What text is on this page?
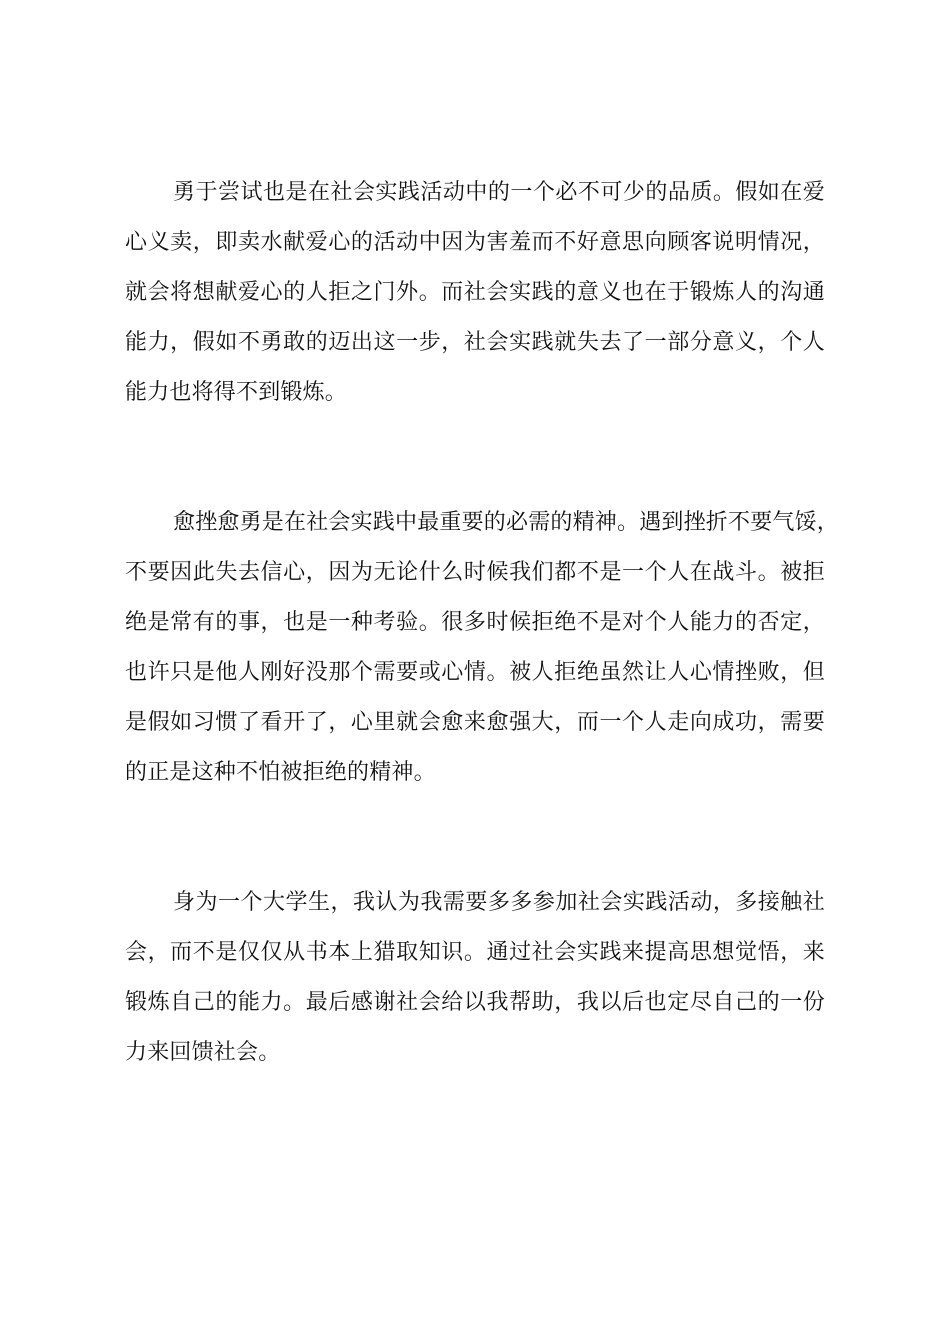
勇于尝试也是在社会实践活动中的一个必不可少的品质。假如在爱
心义卖，即卖水献爱心的活动中因为害羞而不好意思向顾客说明情况，
就会将想献爱心的人拒之门外。而社会实践的意义也在于锻炼人的沟通
能力，假如不勇敢的迈出这一步，社会实践就失去了一部分意义，个人
能力也将得不到锻炼。
愈挫愈勇是在社会实践中最重要的必需的精神。遇到挫折不要气馁，
不要因此失去信心，因为无论什么时候我们都不是一个人在战斗。被拒
绝是常有的事，也是一种考验。很多时候拒绝不是对个人能力的否定，
也许只是他人刚好没那个需要或心情。被人拒绝虽然让人心情挫败，但
是假如习惯了看开了，心里就会愈来愈强大，而一个人走向成功，需要
的正是这种不怕被拒绝的精神。
身为一个大学生，我认为我需要多多参加社会实践活动，多接触社
会，而不是仅仅从书本上猎取知识。通过社会实践来提高思想觉悟，来
锻炼自己的能力。最后感谢社会给以我帮助，我以后也定尽自己的一份
力来回馈社会。
